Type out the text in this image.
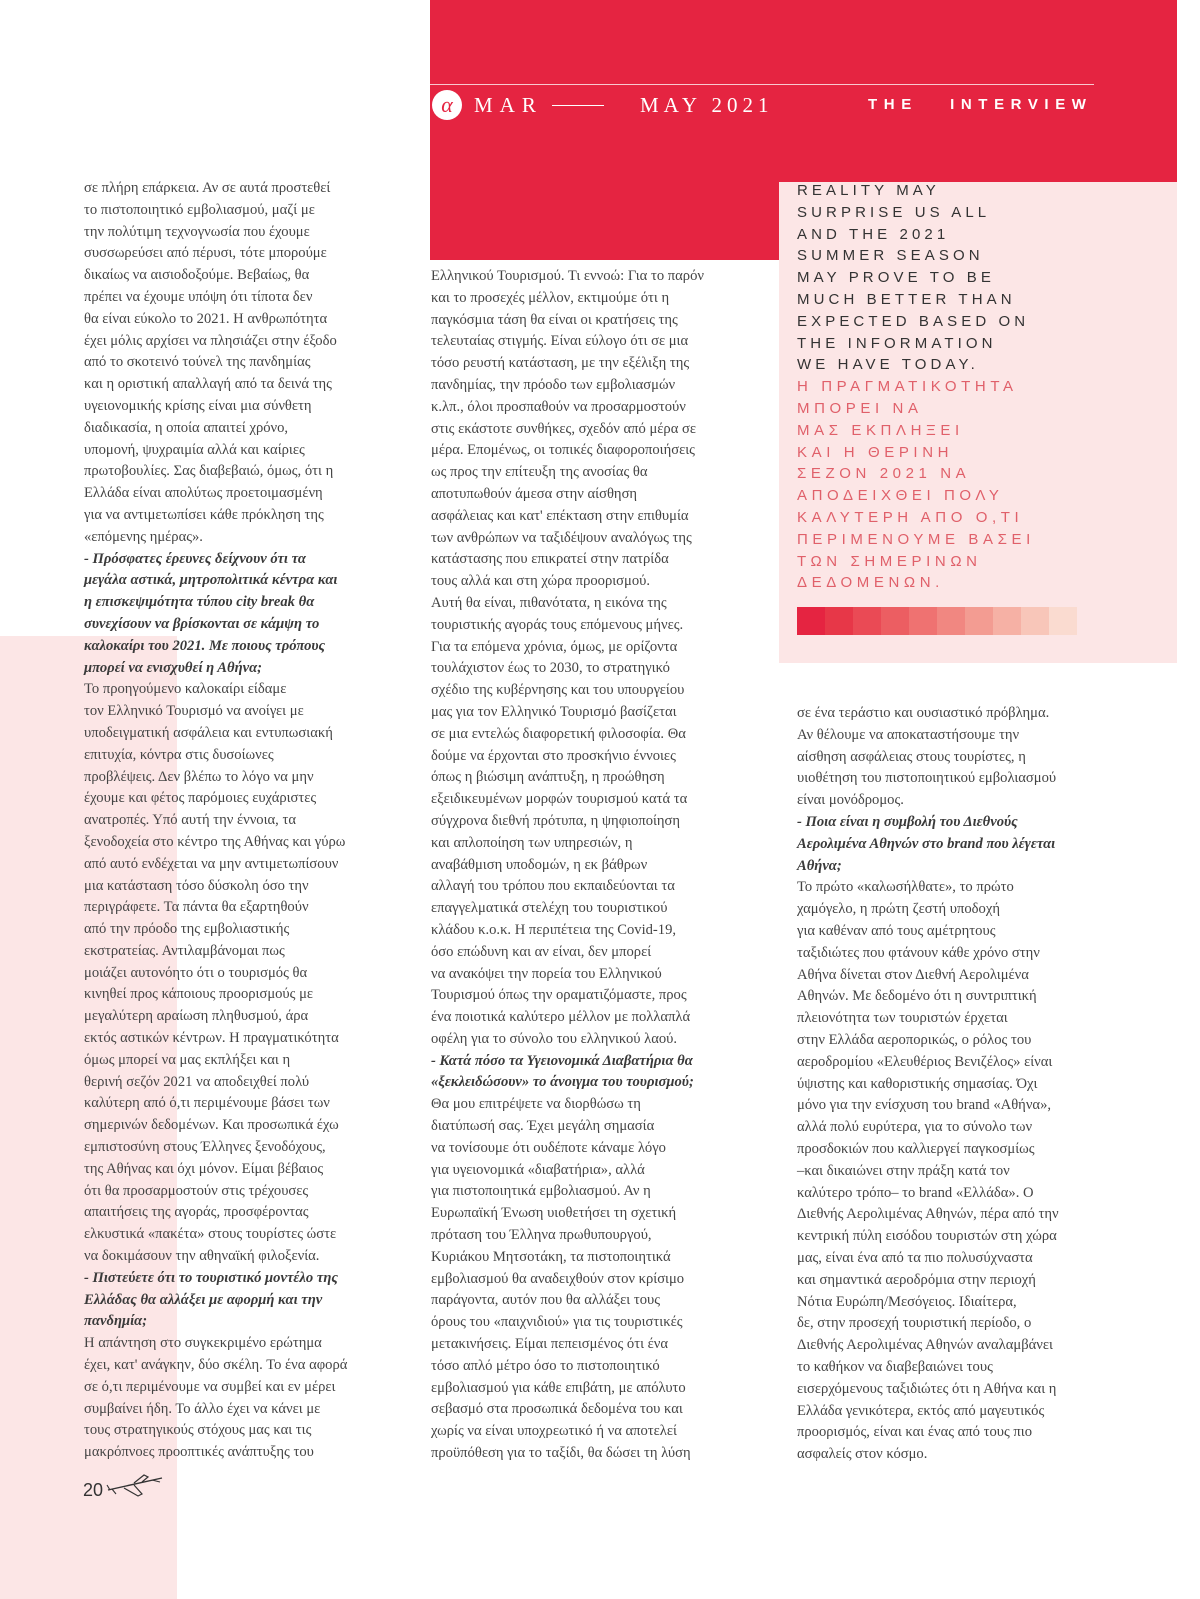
α	MAR	MAY 2021	THE   INTERVIEW

σε πλήρη επάρκεια. Αν σε αυτά προστεθεί

το πιστοποιητικό εμβολιασμού, μαζί με

την πολύτιμη τεχνογνωσία που έχουμε

συσσωρεύσει από πέρυσι, τότε μπορούμε

δικαίως να αισιοδοξούμε. Βεβαίως, θα

πρέπει να έχουμε υπόψη ότι τίποτα δεν

θα είναι εύκολο το 2021. Η ανθρωπότητα

έχει μόλις αρχίσει να πλησιάζει στην έξοδο

από το σκοτεινό τούνελ της πανδημίας

και η οριστική απαλλαγή από τα δεινά της

υγειονομικής κρίσης είναι μια σύνθετη

διαδικασία, η οποία απαιτεί χρόνο,

υπομονή, ψυχραιμία αλλά και καίριες

πρωτοβουλίες. Σας διαβεβαιώ, όμως, ότι η

Ελλάδα είναι απολύτως προετοιμασμένη

για να αντιμετωπίσει κάθε πρόκληση της

«επόμενης ημέρας».

- Πρόσφατες έρευνες δείχνουν ότι τα

μεγάλα αστικά, μητροπολιτικά κέντρα και

η επισκεψιμότητα τύπου city break θα

συνεχίσουν να βρίσκονται σε κάμψη το

καλοκαίρι του 2021. Με ποιους τρόπους

μπορεί να ενισχυθεί η Αθήνα;

Το προηγούμενο καλοκαίρι είδαμε

τον Ελληνικό Τουρισμό να ανοίγει με

υποδειγματική ασφάλεια και εντυπωσιακή

επιτυχία, κόντρα στις δυσοίωνες

προβλέψεις. Δεν βλέπω το λόγο να μην

έχουμε και φέτος παρόμοιες ευχάριστες

ανατροπές. Υπό αυτή την έννοια, τα

ξενοδοχεία στο κέντρο της Αθήνας και γύρω

από αυτό ενδέχεται να μην αντιμετωπίσουν

μια κατάσταση τόσο δύσκολη όσο την

περιγράφετε. Τα πάντα θα εξαρτηθούν

από την πρόοδο της εμβολιαστικής

εκστρατείας. Αντιλαμβάνομαι πως

μοιάζει αυτονόητο ότι ο τουρισμός θα

κινηθεί προς κάποιους προορισμούς με

μεγαλύτερη αραίωση πληθυσμού, άρα

εκτός αστικών κέντρων. Η πραγματικότητα

όμως μπορεί να μας εκπλήξει και η

θερινή σεζόν 2021 να αποδειχθεί πολύ

καλύτερη από ό,τι περιμένουμε βάσει των

σημερινών δεδομένων. Και προσωπικά έχω

εμπιστοσύνη στους Έλληνες ξενοδόχους,

της Αθήνας και όχι μόνον. Είμαι βέβαιος

ότι θα προσαρμοστούν στις τρέχουσες

απαιτήσεις της αγοράς, προσφέροντας

ελκυστικά «πακέτα» στους τουρίστες ώστε

να δοκιμάσουν την αθηναϊκή φιλοξενία.

- Πιστεύετε ότι το τουριστικό μοντέλο της

Ελλάδας θα αλλάξει με αφορμή και την

πανδημία;

Η απάντηση στο συγκεκριμένο ερώτημα

έχει, κατ' ανάγκην, δύο σκέλη. Το ένα αφορά

σε ό,τι περιμένουμε να συμβεί και εν μέρει

συμβαίνει ήδη. Το άλλο έχει να κάνει με

τους στρατηγικούς στόχους μας και τις

μακρόπνοες προοπτικές ανάπτυξης του

Ελληνικού Τουρισμού. Τι εννοώ: Για το παρόν

και το προσεχές μέλλον, εκτιμούμε ότι η

παγκόσμια τάση θα είναι οι κρατήσεις της

τελευταίας στιγμής. Είναι εύλογο ότι σε μια

τόσο ρευστή κατάσταση, με την εξέλιξη της

πανδημίας, την πρόοδο των εμβολιασμών

κ.λπ., όλοι προσπαθούν να προσαρμοστούν

στις εκάστοτε συνθήκες, σχεδόν από μέρα σε

μέρα. Επομένως, οι τοπικές διαφοροποιήσεις

ως προς την επίτευξη της ανοσίας θα

αποτυπωθούν άμεσα στην αίσθηση

ασφάλειας και κατ' επέκταση στην επιθυμία

των ανθρώπων να ταξιδέψουν αναλόγως της

κατάστασης που επικρατεί στην πατρίδα

τους αλλά και στη χώρα προορισμού.

Αυτή θα είναι, πιθανότατα, η εικόνα της

τουριστικής αγοράς τους επόμενους μήνες.

Για τα επόμενα χρόνια, όμως, με ορίζοντα

τουλάχιστον έως το 2030, το στρατηγικό

σχέδιο της κυβέρνησης και του υπουργείου

μας για τον Ελληνικό Τουρισμό βασίζεται

σε μια εντελώς διαφορετική φιλοσοφία. Θα

δούμε να έρχονται στο προσκήνιο έννοιες

όπως η βιώσιμη ανάπτυξη, η προώθηση

εξειδικευμένων μορφών τουρισμού κατά τα

σύγχρονα διεθνή πρότυπα, η ψηφιοποίηση

και απλοποίηση των υπηρεσιών, η

αναβάθμιση υποδομών, η εκ βάθρων

αλλαγή του τρόπου που εκπαιδεύονται τα

επαγγελματικά στελέχη του τουριστικού

κλάδου κ.ο.κ. Η περιπέτεια της Covid-19,

όσο επώδυνη και αν είναι, δεν μπορεί

να ανακόψει την πορεία του Ελληνικού

Τουρισμού όπως την οραματιζόμαστε, προς

ένα ποιοτικά καλύτερο μέλλον με πολλαπλά

οφέλη για το σύνολο του ελληνικού λαού.

- Κατά πόσο τα Υγειονομικά Διαβατήρια θα

«ξεκλειδώσουν» το άνοιγμα του τουρισμού;

Θα μου επιτρέψετε να διορθώσω τη

διατύπωσή σας. Έχει μεγάλη σημασία

να τονίσουμε ότι ουδέποτε κάναμε λόγο

για υγειονομικά «διαβατήρια», αλλά

για πιστοποιητικά εμβολιασμού. Αν η

Ευρωπαϊκή Ένωση υιοθετήσει τη σχετική

πρόταση του Έλληνα πρωθυπουργού,

Κυριάκου Μητσοτάκη, τα πιστοποιητικά

εμβολιασμού θα αναδειχθούν στον κρίσιμο

παράγοντα, αυτόν που θα αλλάξει τους

όρους του «παιχνιδιού» για τις τουριστικές

μετακινήσεις. Είμαι πεπεισμένος ότι ένα

τόσο απλό μέτρο όσο το πιστοποιητικό

εμβολιασμού για κάθε επιβάτη, με απόλυτο

σεβασμό στα προσωπικά δεδομένα του και

χωρίς να είναι υποχρεωτικό ή να αποτελεί

προϋπόθεση για το ταξίδι, θα δώσει τη λύση

σε ένα τεράστιο και ουσιαστικό πρόβλημα.

Αν θέλουμε να αποκαταστήσουμε την

αίσθηση ασφάλειας στους τουρίστες, η

υιοθέτηση του πιστοποιητικού εμβολιασμού

είναι μονόδρομος.

- Ποια είναι η συμβολή του Διεθνούς

Αερολιμένα Αθηνών στο brand που λέγεται

Αθήνα;

Το πρώτο «καλωσήλθατε», το πρώτο

χαμόγελο, η πρώτη ζεστή υποδοχή

για καθέναν από τους αμέτρητους

ταξιδιώτες που φτάνουν κάθε χρόνο στην

Αθήνα δίνεται στον Διεθνή Αερολιμένα

Αθηνών. Με δεδομένο ότι η συντριπτική

πλειονότητα των τουριστών έρχεται

στην Ελλάδα αεροπορικώς, ο ρόλος του

αεροδρομίου «Ελευθέριος Βενιζέλος» είναι

ύψιστης και καθοριστικής σημασίας. Όχι

μόνο για την ενίσχυση του brand «Αθήνα»,

αλλά πολύ ευρύτερα, για το σύνολο των

προσδοκιών που καλλιεργεί παγκοσμίως

–και δικαιώνει στην πράξη κατά τον

καλύτερο τρόπο– το brand «Ελλάδα». Ο

Διεθνής Αερολιμένας Αθηνών, πέρα από την

κεντρική πύλη εισόδου τουριστών στη χώρα

μας, είναι ένα από τα πιο πολυσύχναστα

και σημαντικά αεροδρόμια στην περιοχή

Νότια Ευρώπη/Μεσόγειος. Ιδιαίτερα,

δε, στην προσεχή τουριστική περίοδο, ο

Διεθνής Αερολιμένας Αθηνών αναλαμβάνει

το καθήκον να διαβεβαιώνει τους

εισερχόμενους ταξιδιώτες ότι η Αθήνα και η

Ελλάδα γενικότερα, εκτός από μαγευτικός

προορισμός, είναι και ένας από τους πιο

ασφαλείς στον κόσμο.

REALITY MAY
SURPRISE US ALL
AND THE 2021
SUMMER SEASON
MAY PROVE TO BE
MUCH BETTER THAN
EXPECTED BASED ON
THE INFORMATION
WE HAVE TODAY.
Η ΠΡΑΓΜΑΤΙΚΟΤΗΤΑ
ΜΠΟΡΕΙ ΝΑ
ΜΑΣ ΕΚΠΛΗΞΕΙ
ΚΑΙ Η ΘΕΡΙΝΗ
ΣΕΖΟΝ 2021 ΝΑ
ΑΠΟΔΕΙΧΘΕΙ ΠΟΛΥ
ΚΑΛΥΤΕΡΗ ΑΠΟ Ο,ΤΙ
ΠΕΡΙΜΕΝΟΥΜΕ ΒΑΣΕΙ
ΤΩΝ ΣΗΜΕΡΙΝΩΝ
ΔΕΔΟΜΕΝΩΝ.
20
